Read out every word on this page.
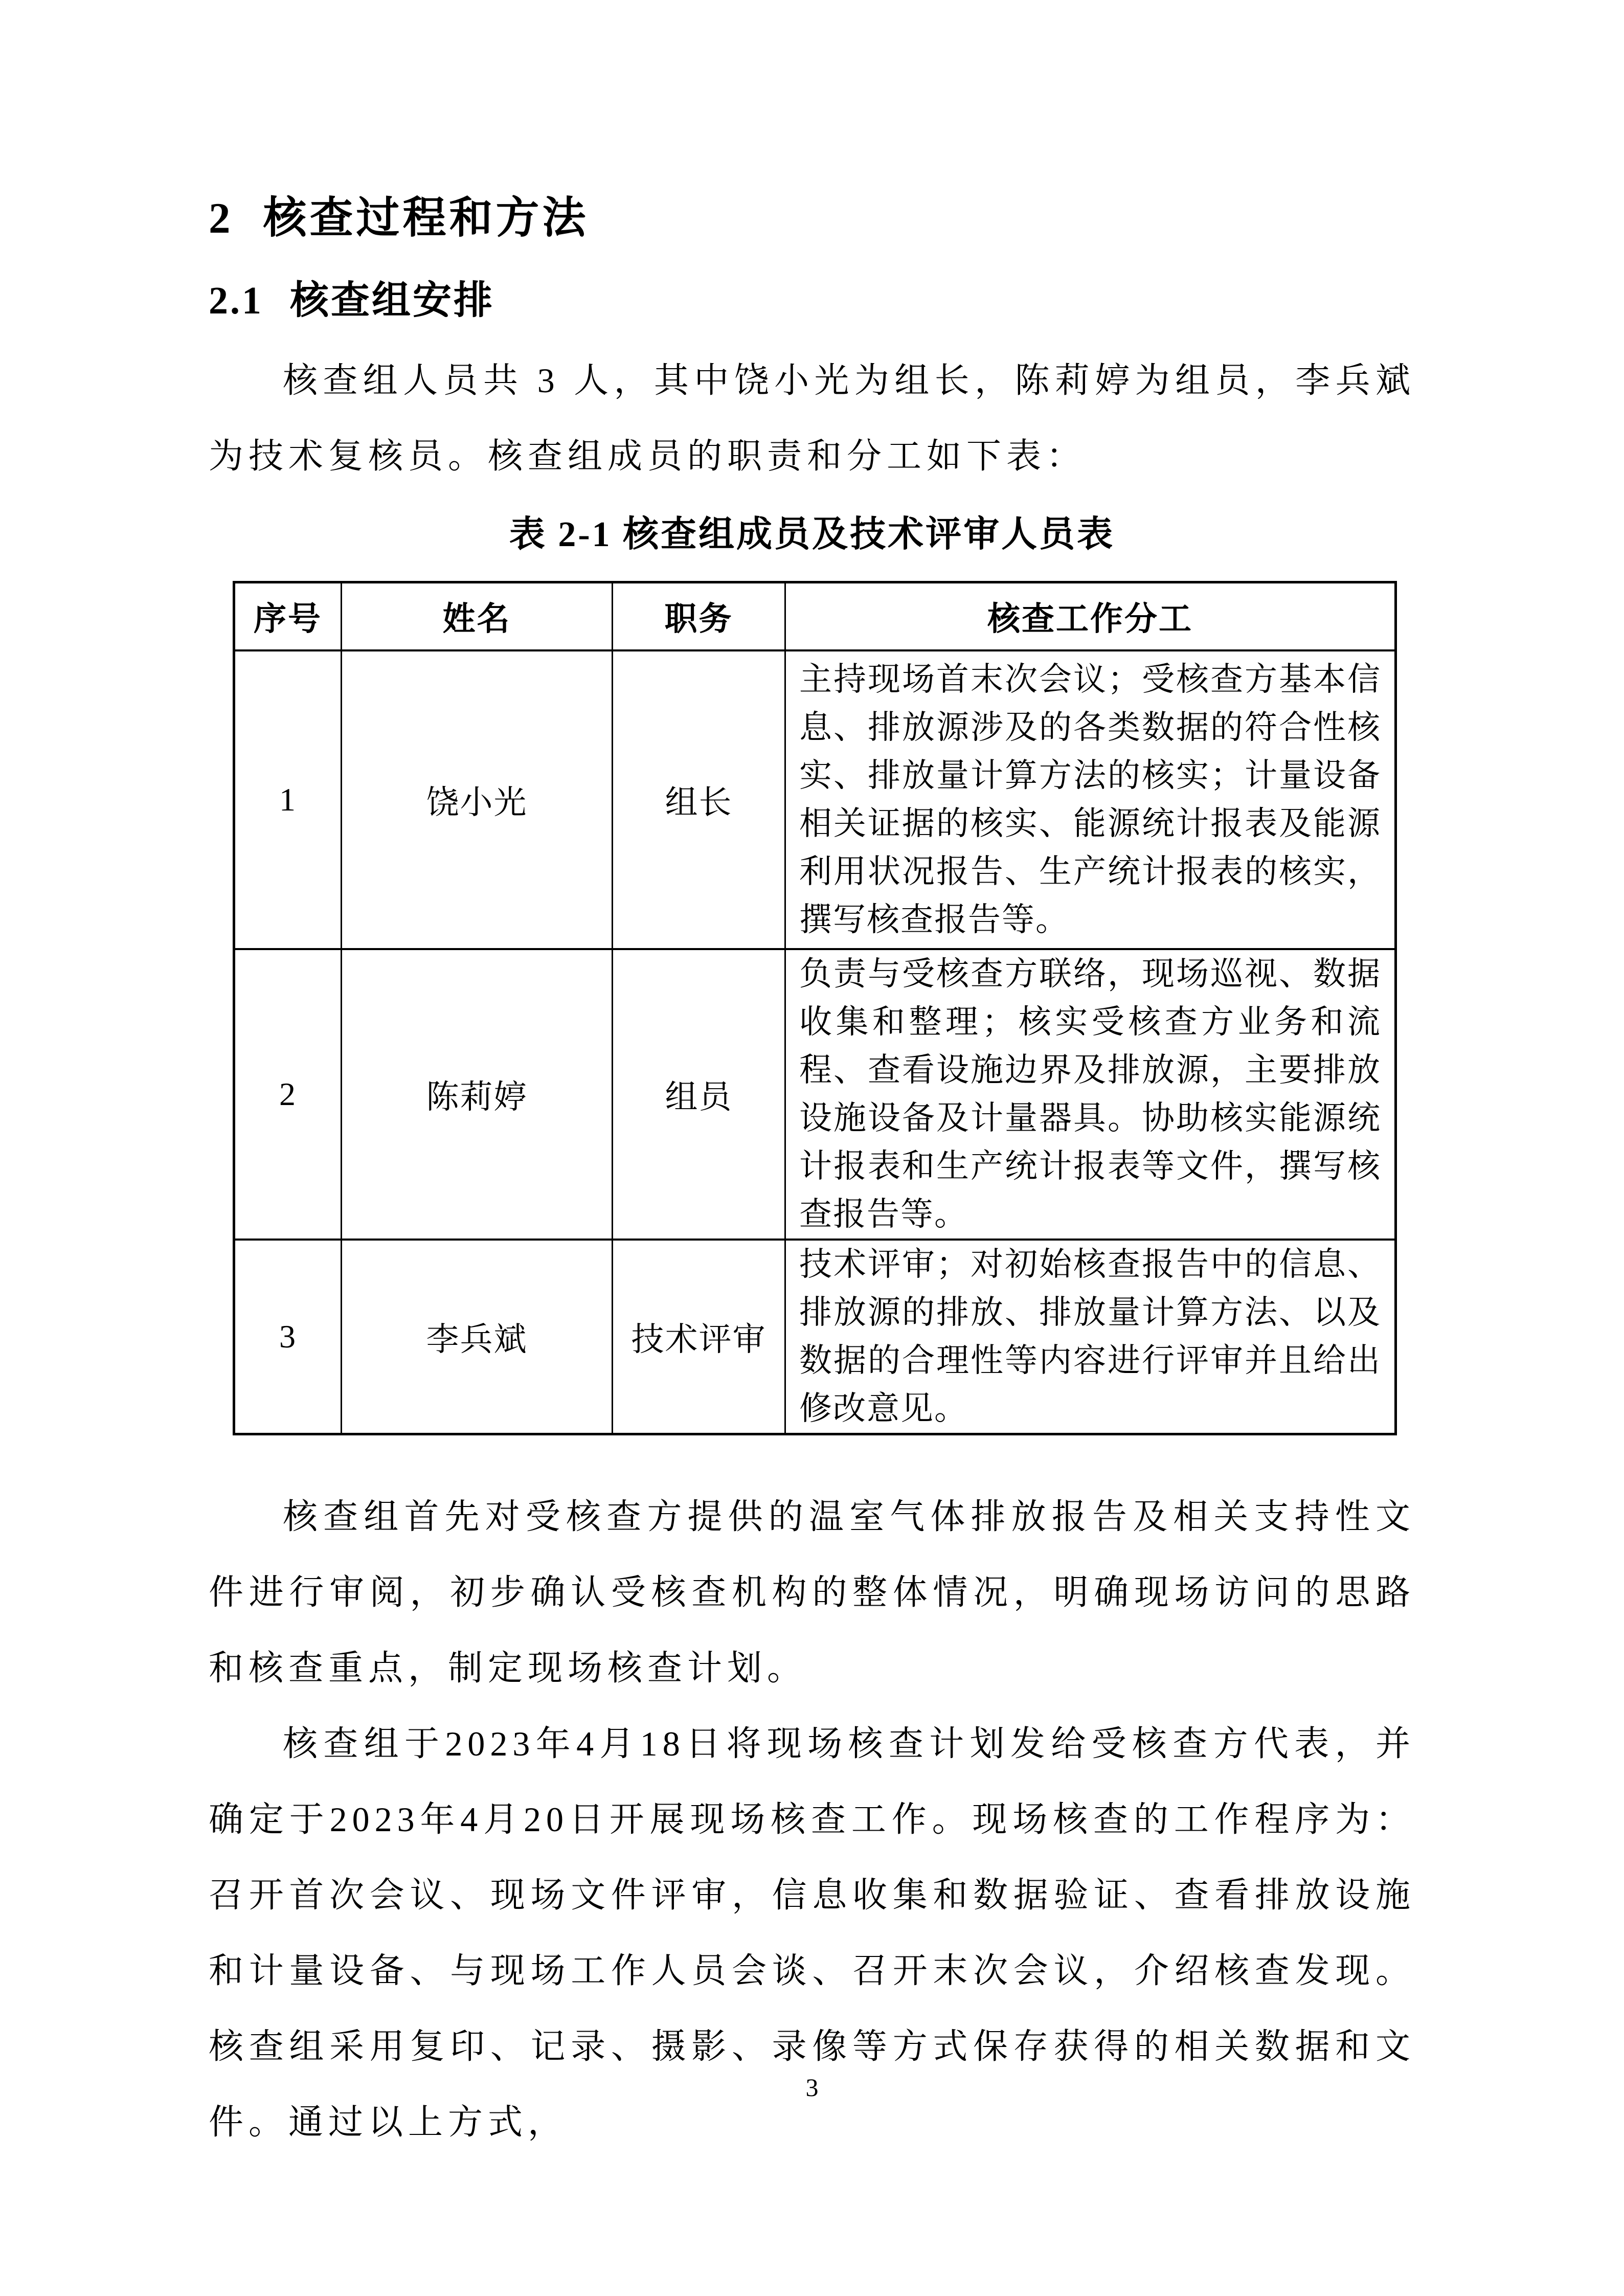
2 核查过程和方法
2.1 核查组安排

核查组人员共 3 人，其中饶小光为组长，陈莉婷为组员，李兵斌为技术复核员。核查组成员的职责和分工如下表：

表 2-1 核查组成员及技术评审人员表
序号	姓名	职务	核查工作分工
1	饶小光	组长	主持现场首末次会议；受核查方基本信息、排放源涉及的各类数据的符合性核实、排放量计算方法的核实；计量设备相关证据的核实、能源统计报表及能源利用状况报告、生产统计报表的核实，撰写核查报告等。
2	陈莉婷	组员	负责与受核查方联络，现场巡视、数据收集和整理；核实受核查方业务和流程、查看设施边界及排放源，主要排放设施设备及计量器具。协助核实能源统计报表和生产统计报表等文件，撰写核查报告等。
3	李兵斌	技术评审	技术评审；对初始核查报告中的信息、排放源的排放、排放量计算方法、以及数据的合理性等内容进行评审并且给出修改意见。

核查组首先对受核查方提供的温室气体排放报告及相关支持性文件进行审阅，初步确认受核查机构的整体情况，明确现场访问的思路和核查重点，制定现场核查计划。

核查组于2023年4月18日将现场核查计划发给受核查方代表，并确定于2023年4月20日开展现场核查工作。现场核查的工作程序为：召开首次会议、现场文件评审，信息收集和数据验证、查看排放设施和计量设备、与现场工作人员会谈、召开末次会议，介绍核查发现。核查组采用复印、记录、摄影、录像等方式保存获得的相关数据和文件。通过以上方式，

3
